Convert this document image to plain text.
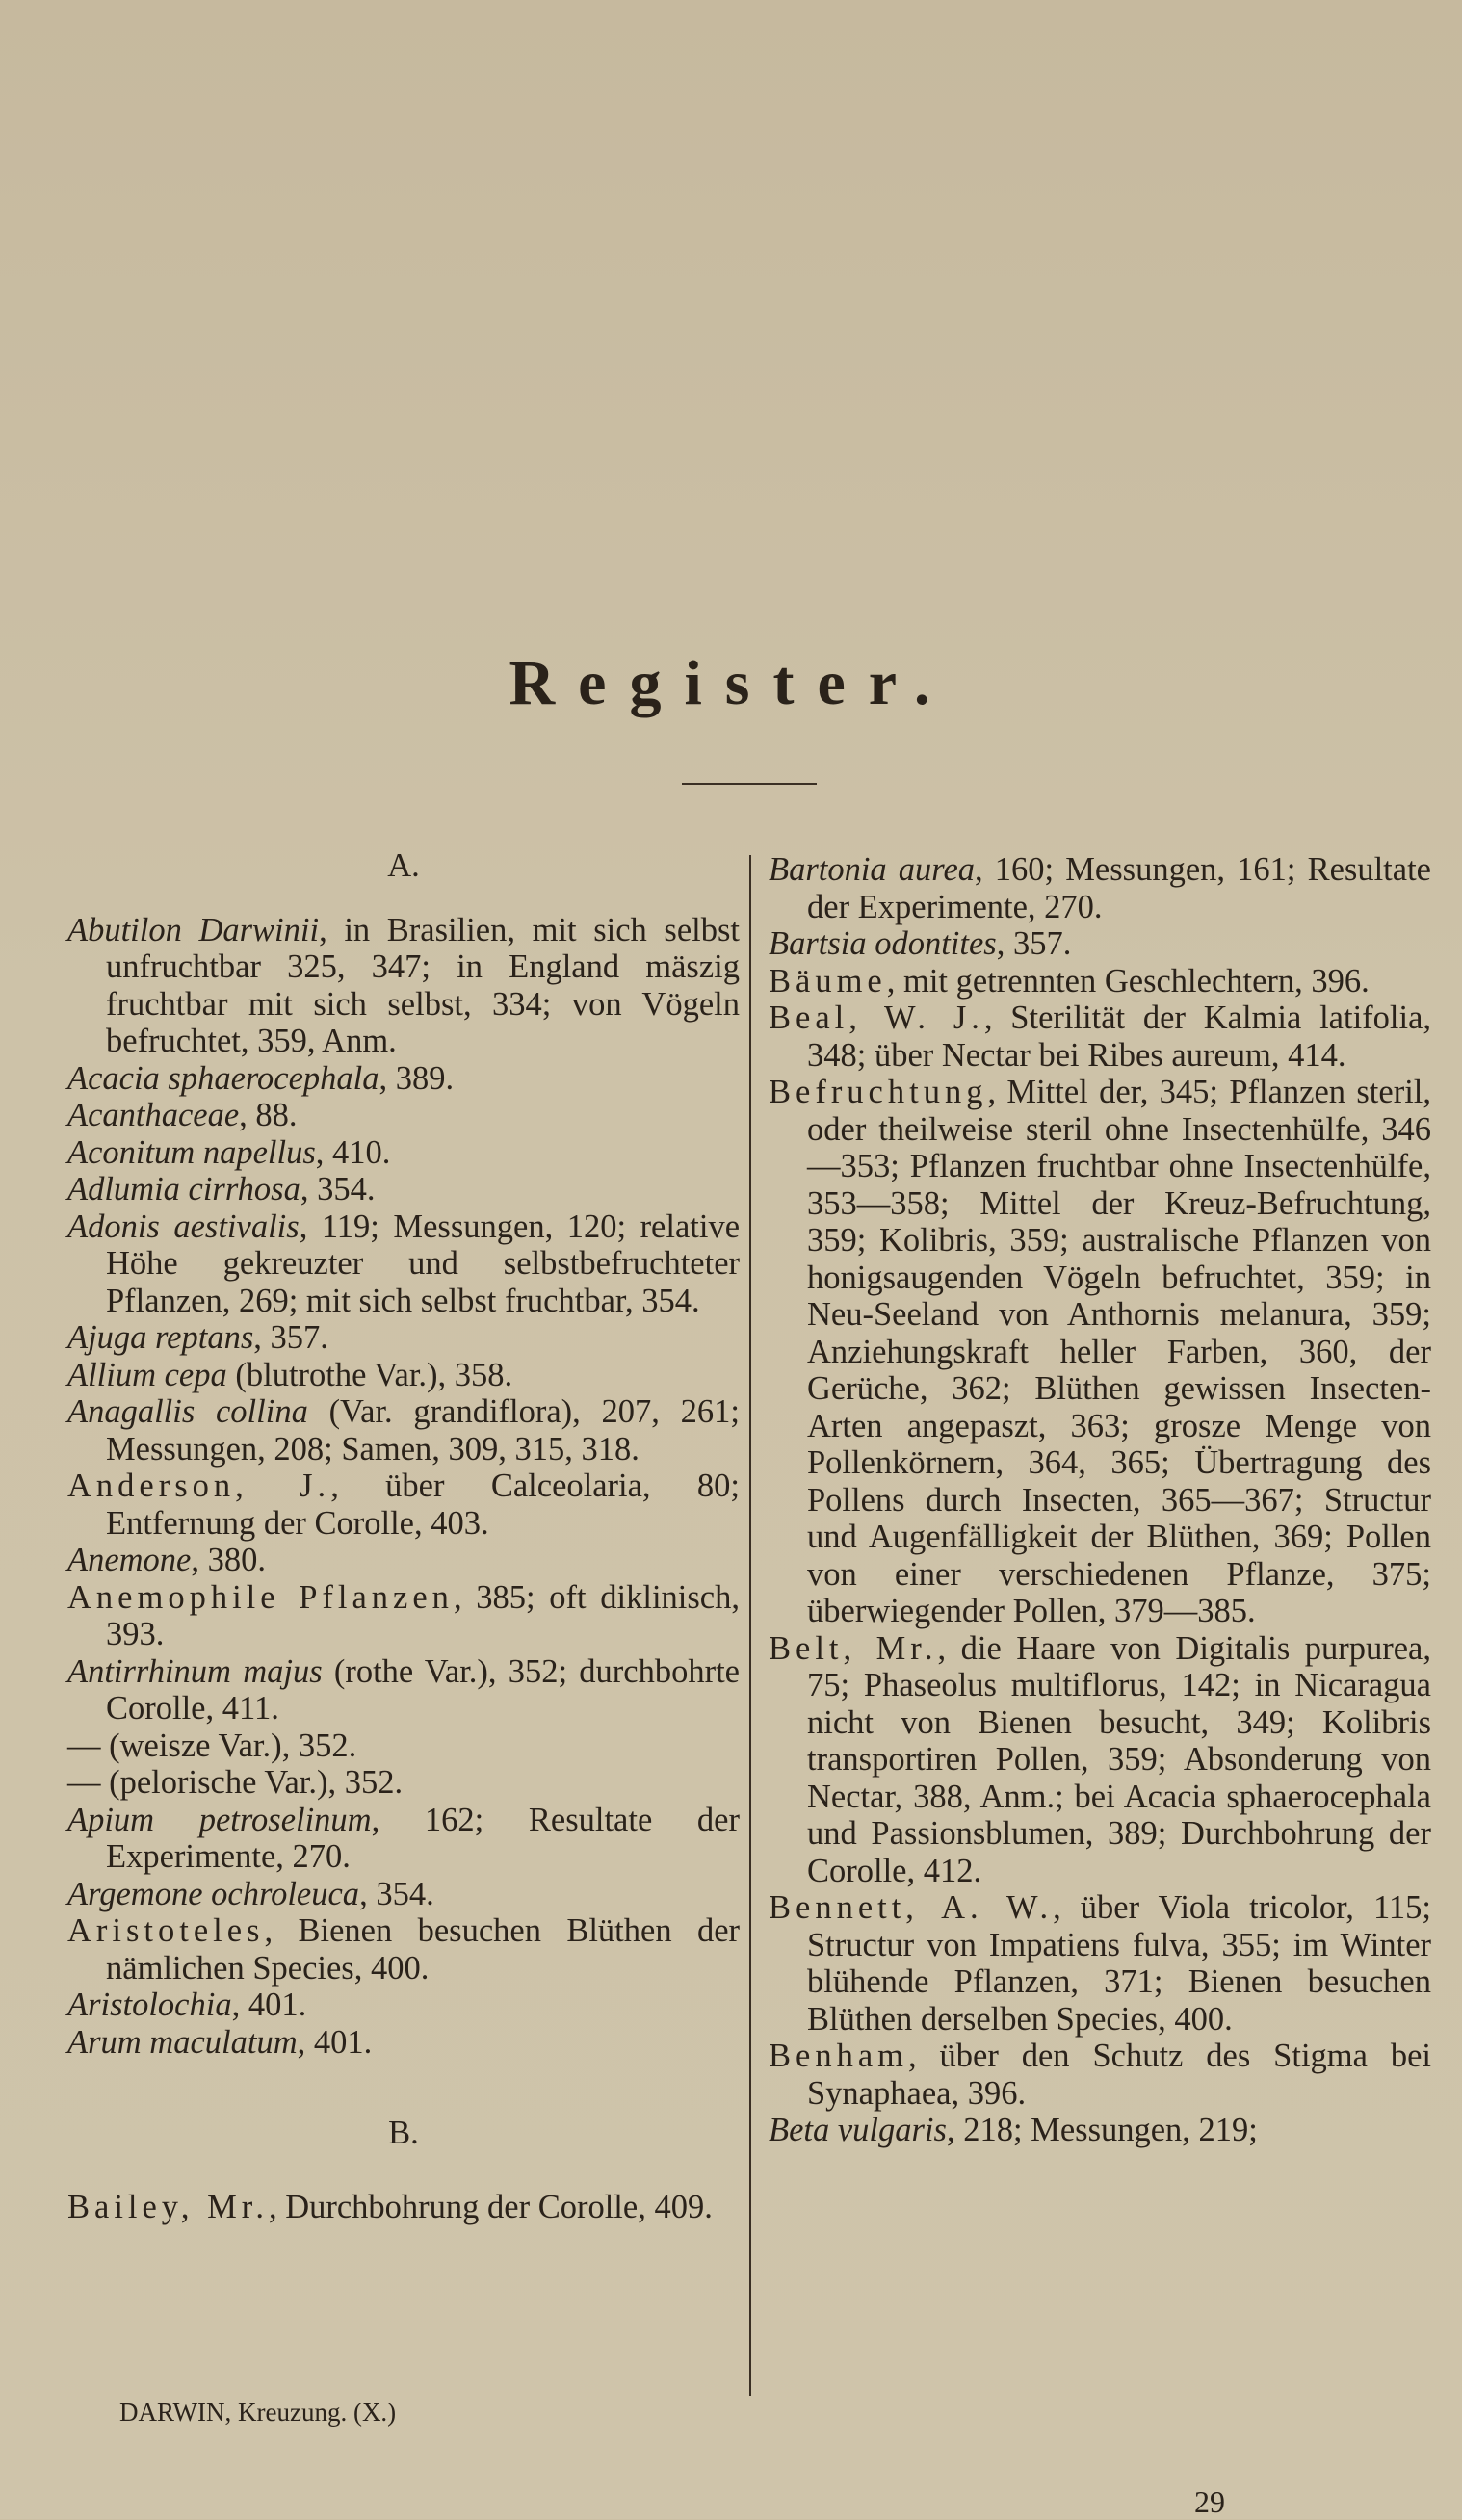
Register.

A.

Abutilon Darwinii, in Brasilien, mit sich selbst unfruchtbar 325, 347; in England mäszig fruchtbar mit sich selbst, 334; von Vögeln befruchtet, 359, Anm.

Acacia sphaerocephala, 389.

Acanthaceae, 88.

Aconitum napellus, 410.

Adlumia cirrhosa, 354.

Adonis aestivalis, 119; Messungen, 120; relative Höhe gekreuzter und selbstbefruchteter Pflanzen, 269; mit sich selbst fruchtbar, 354.

Ajuga reptans, 357.

Allium cepa (blutrothe Var.), 358.

Anagallis collina (Var. grandiflora), 207, 261; Messungen, 208; Samen, 309, 315, 318.

Anderson, J., über Calceolaria, 80; Entfernung der Corolle, 403.

Anemone, 380.

Anemophile Pflanzen, 385; oft diklinisch, 393.

Antirrhinum majus (rothe Var.), 352; durchbohrte Corolle, 411.

— (weisze Var.), 352.

— (pelorische Var.), 352.

Apium petroselinum, 162; Resultate der Experimente, 270.

Argemone ochroleuca, 354.

Aristoteles, Bienen besuchen Blüthen der nämlichen Species, 400.

Aristolochia, 401.

Arum maculatum, 401.

B.

Bailey, Mr., Durchbohrung der Corolle, 409.

Bartonia aurea, 160; Messungen, 161; Resultate der Experimente, 270.

Bartsia odontites, 357.

Bäume, mit getrennten Geschlechtern, 396.

Beal, W. J., Sterilität der Kalmia latifolia, 348; über Nectar bei Ribes aureum, 414.

Befruchtung, Mittel der, 345; Pflanzen steril, oder theilweise steril ohne Insectenhülfe, 346—353; Pflanzen fruchtbar ohne Insectenhülfe, 353—358; Mittel der Kreuz-Befruchtung, 359; Kolibris, 359; australische Pflanzen von honigsaugenden Vögeln befruchtet, 359; in Neu-Seeland von Anthornis melanura, 359; Anziehungskraft heller Farben, 360, der Gerüche, 362; Blüthen gewissen Insecten-Arten angepaszt, 363; grosze Menge von Pollenkörnern, 364, 365; Übertragung des Pollens durch Insecten, 365—367; Structur und Augenfälligkeit der Blüthen, 369; Pollen von einer verschiedenen Pflanze, 375; überwiegender Pollen, 379—385.

Belt, Mr., die Haare von Digitalis purpurea, 75; Phaseolus multiflorus, 142; in Nicaragua nicht von Bienen besucht, 349; Kolibris transportiren Pollen, 359; Absonderung von Nectar, 388, Anm.; bei Acacia sphaerocephala und Passionsblumen, 389; Durchbohrung der Corolle, 412.

Bennett, A. W., über Viola tricolor, 115; Structur von Impatiens fulva, 355; im Winter blühende Pflanzen, 371; Bienen besuchen Blüthen derselben Species, 400.

Benham, über den Schutz des Stigma bei Synaphaea, 396.

Beta vulgaris, 218; Messungen, 219;

DARWIN, Kreuzung. (X.)

29
